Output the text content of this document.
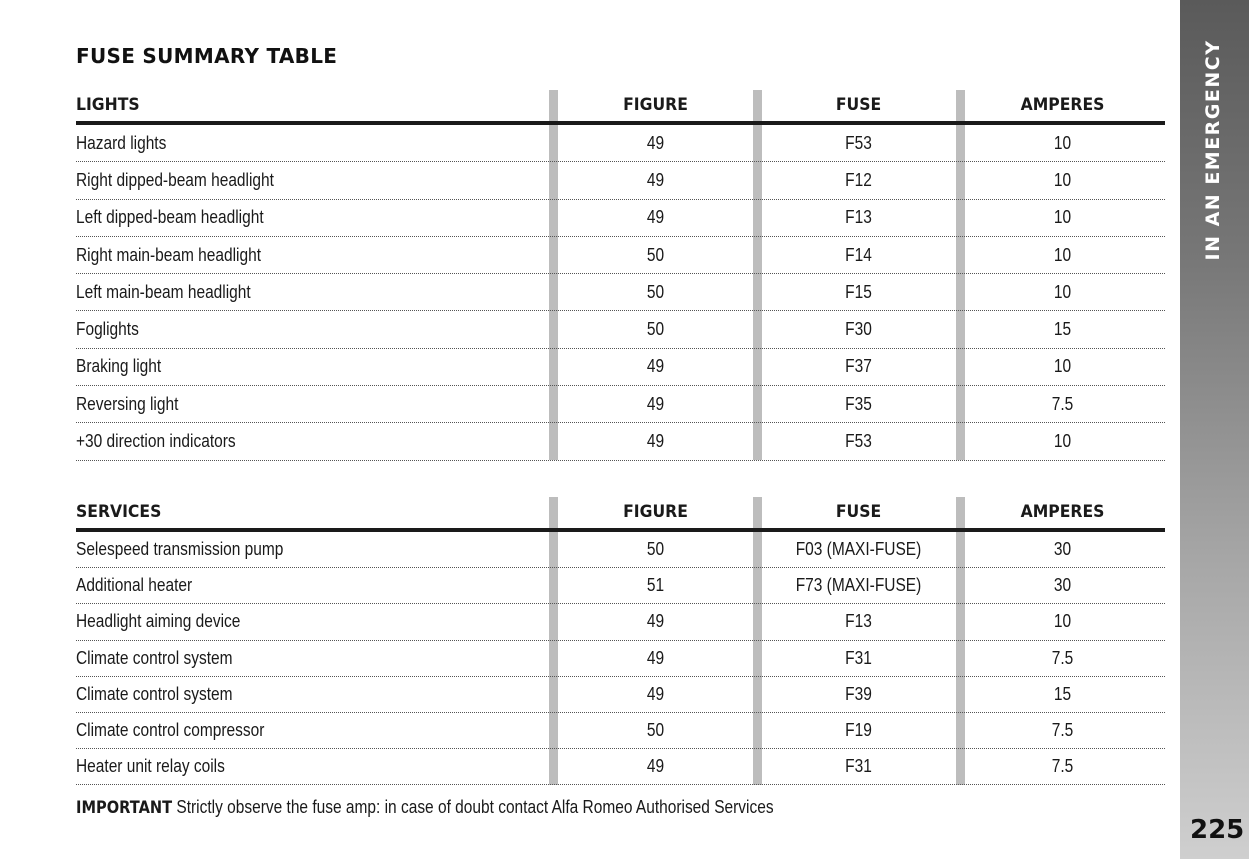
FUSE SUMMARY TABLE
LIGHTS	FIGURE	FUSE	AMPERES
Hazard lights	49	F53	10
Right dipped-beam headlight	49	F12	10
Left dipped-beam headlight	49	F13	10
Right main-beam headlight	50	F14	10
Left main-beam headlight	50	F15	10
Foglights	50	F30	15
Braking light	49	F37	10
Reversing light	49	F35	7.5
+30 direction indicators	49	F53	10
SERVICES	FIGURE	FUSE	AMPERES
Selespeed transmission pump	50	F03 (MAXI-FUSE)	30
Additional heater	51	F73 (MAXI-FUSE)	30
Headlight aiming device	49	F13	10
Climate control system	49	F31	7.5
Climate control system	49	F39	15
Climate control compressor	50	F19	7.5
Heater unit relay coils	49	F31	7.5
IMPORTANT Strictly observe the fuse amp: in case of doubt contact Alfa Romeo Authorised Services
IN AN EMERGENCY
225
